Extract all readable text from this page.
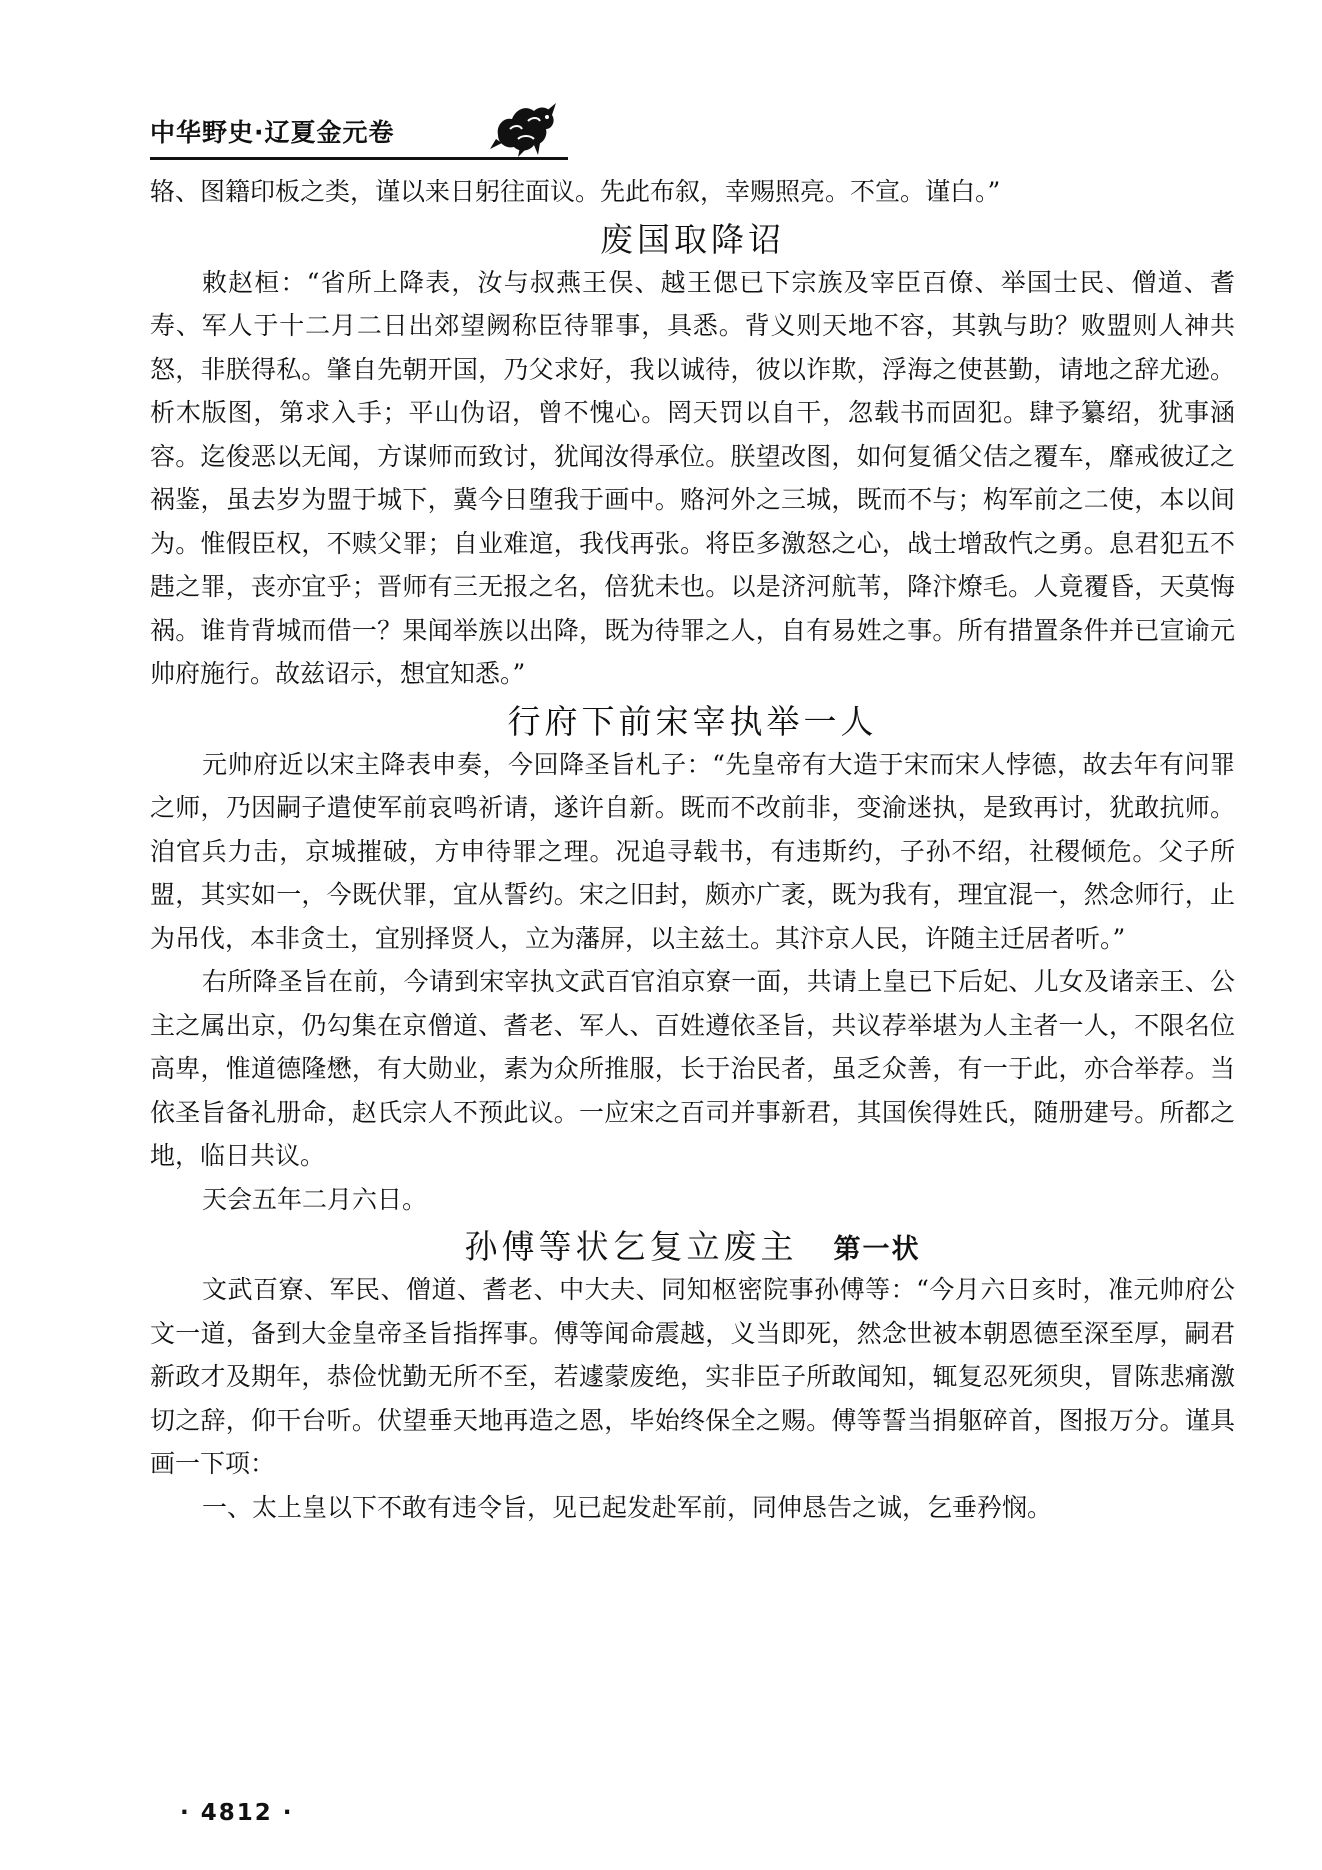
中华野史·辽夏金元卷

辂、图籍印板之类，谨以来日躬往面议。先此布叙，幸赐照亮。不宣。谨白。”

废国取降诏

敕赵桓：“省所上降表，汝与叔燕王俣、越王偲已下宗族及宰臣百僚、举国士民、僧道、耆寿、军人于十二月二日出郊望阙称臣待罪事，具悉。背义则天地不容，其孰与助？败盟则人神共怒，非朕得私。肇自先朝开国，乃父求好，我以诚待，彼以诈欺，浮海之使甚勤，请地之辞尤逊。析木版图，第求入手；平山伪诏，曾不愧心。罔天罚以自干，忽载书而固犯。肆予纂绍，犹事涵容。迄俊恶以无闻，方谋师而致讨，犹闻汝得承位。朕望改图，如何复循父佶之覆车，靡戒彼辽之祸鉴，虽去岁为盟于城下，冀今日堕我于画中。赂河外之三城，既而不与；构军前之二使，本以间为。惟假臣权，不赎父罪；自业难逭，我伐再张。将臣多激怒之心，战士增敌忾之勇。息君犯五不韪之罪，丧亦宜乎；晋师有三无报之名，倍犹未也。以是济河航苇，降汴燎毛。人竟覆昏，天莫悔祸。谁肯背城而借一？果闻举族以出降，既为待罪之人，自有易姓之事。所有措置条件并已宣谕元帅府施行。故兹诏示，想宜知悉。”

行府下前宋宰执举一人

元帅府近以宋主降表申奏，今回降圣旨札子：“先皇帝有大造于宋而宋人悖德，故去年有问罪之师，乃因嗣子遣使军前哀鸣祈请，遂许自新。既而不改前非，变渝迷执，是致再讨，犹敢抗师。洎官兵力击，京城摧破，方申待罪之理。况追寻载书，有违斯约，子孙不绍，社稷倾危。父子所盟，其实如一，今既伏罪，宜从誓约。宋之旧封，颇亦广袤，既为我有，理宜混一，然念师行，止为吊伐，本非贪土，宜别择贤人，立为藩屏，以主兹土。其汴京人民，许随主迁居者听。”

右所降圣旨在前，今请到宋宰执文武百官洎京寮一面，共请上皇已下后妃、儿女及诸亲王、公主之属出京，仍勾集在京僧道、耆老、军人、百姓遵依圣旨，共议荐举堪为人主者一人，不限名位高卑，惟道德隆懋，有大勋业，素为众所推服，长于治民者，虽乏众善，有一于此，亦合举荐。当依圣旨备礼册命，赵氏宗人不预此议。一应宋之百司并事新君，其国俟得姓氏，随册建号。所都之地，临日共议。

天会五年二月六日。

孙傅等状乞复立废主 第一状

文武百寮、军民、僧道、耆老、中大夫、同知枢密院事孙傅等：“今月六日亥时，准元帅府公文一道，备到大金皇帝圣旨指挥事。傅等闻命震越，义当即死，然念世被本朝恩德至深至厚，嗣君新政才及期年，恭俭忧勤无所不至，若遽蒙废绝，实非臣子所敢闻知，辄复忍死须臾，冒陈悲痛激切之辞，仰干台听。伏望垂天地再造之恩，毕始终保全之赐。傅等誓当捐躯碎首，图报万分。谨具画一下项：

一、太上皇以下不敢有违令旨，见已起发赴军前，同伸恳告之诚，乞垂矜悯。

· 4812 ·
